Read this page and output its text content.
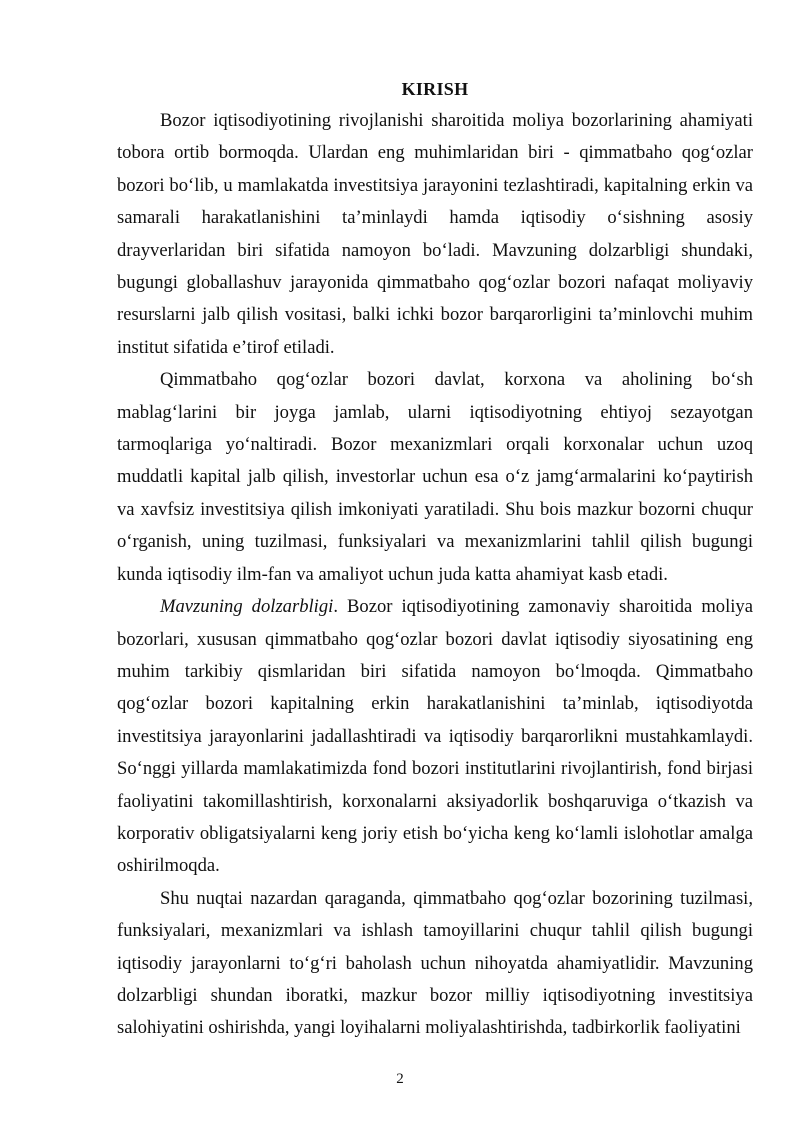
KIRISH

Bozor iqtisodiyotining rivojlanishi sharoitida moliya bozorlarining ahamiyati tobora ortib bormoqda. Ulardan eng muhimlaridan biri - qimmatbaho qog‘ozlar bozori bo‘lib, u mamlakatda investitsiya jarayonini tezlashtiradi, kapitalning erkin va samarali harakatlanishini ta’minlaydi hamda iqtisodiy o‘sishning asosiy drayverlaridan biri sifatida namoyon bo‘ladi. Mavzuning dolzarbligi shundaki, bugungi globallashuv jarayonida qimmatbaho qog‘ozlar bozori nafaqat moliyaviy resurslarni jalb qilish vositasi, balki ichki bozor barqarorligini ta’minlovchi muhim institut sifatida e’tirof etiladi.

Qimmatbaho qog‘ozlar bozori davlat, korxona va aholining bo‘sh mablag‘larini bir joyga jamlab, ularni iqtisodiyotning ehtiyoj sezayotgan tarmoqlariga yo‘naltiradi. Bozor mexanizmlari orqali korxonalar uchun uzoq muddatli kapital jalb qilish, investorlar uchun esa o‘z jamg‘armalarini ko‘paytirish va xavfsiz investitsiya qilish imkoniyati yaratiladi. Shu bois mazkur bozorni chuqur o‘rganish, uning tuzilmasi, funksiyalari va mexanizmlarini tahlil qilish bugungi kunda iqtisodiy ilm-fan va amaliyot uchun juda katta ahamiyat kasb etadi.

Mavzuning dolzarbligi. Bozor iqtisodiyotining zamonaviy sharoitida moliya bozorlari, xususan qimmatbaho qog‘ozlar bozori davlat iqtisodiy siyosatining eng muhim tarkibiy qismlaridan biri sifatida namoyon bo‘lmoqda. Qimmatbaho qog‘ozlar bozori kapitalning erkin harakatlanishini ta’minlab, iqtisodiyotda investitsiya jarayonlarini jadallashtiradi va iqtisodiy barqarorlikni mustahkamlaydi. So‘nggi yillarda mamlakatimizda fond bozori institutlarini rivojlantirish, fond birjasi faoliyatini takomillashtirish, korxonalarni aksiyadorlik boshqaruviga o‘tkazish va korporativ obligatsiyalarni keng joriy etish bo‘yicha keng ko‘lamli islohotlar amalga oshirilmoqda.

Shu nuqtai nazardan qaraganda, qimmatbaho qog‘ozlar bozorining tuzilmasi, funksiyalari, mexanizmlari va ishlash tamoyillarini chuqur tahlil qilish bugungi iqtisodiy jarayonlarni to‘g‘ri baholash uchun nihoyatda ahamiyatlidir. Mavzuning dolzarbligi shundan iboratki, mazkur bozor milliy iqtisodiyotning investitsiya salohiyatini oshirishda, yangi loyihalarni moliyalashtirishda, tadbirkorlik faoliyatini

2
